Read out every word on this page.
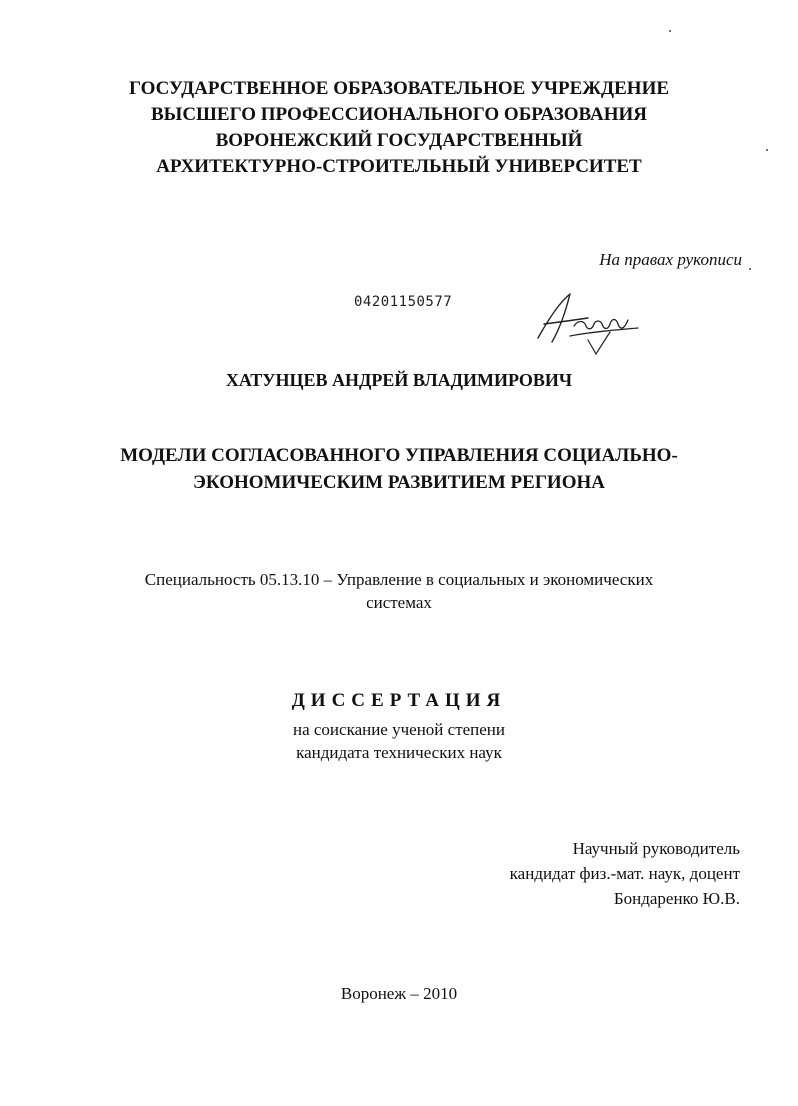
ГОСУДАРСТВЕННОЕ ОБРАЗОВАТЕЛЬНОЕ УЧРЕЖДЕНИЕ
ВЫСШЕГО ПРОФЕССИОНАЛЬНОГО ОБРАЗОВАНИЯ
ВОРОНЕЖСКИЙ ГОСУДАРСТВЕННЫЙ
АРХИТЕКТУРНО-СТРОИТЕЛЬНЫЙ УНИВЕРСИТЕТ
На правах рукописи
04201150577
ХАТУНЦЕВ АНДРЕЙ ВЛАДИМИРОВИЧ
МОДЕЛИ СОГЛАСОВАННОГО УПРАВЛЕНИЯ СОЦИАЛЬНО-
ЭКОНОМИЧЕСКИМ РАЗВИТИЕМ РЕГИОНА
Специальность 05.13.10 – Управление в социальных и экономических
системах
ДИССЕРТАЦИЯ
на соискание ученой степени
кандидата технических наук
Научный руководитель
кандидат физ.-мат. наук, доцент
Бондаренко Ю.В.
Воронеж – 2010
